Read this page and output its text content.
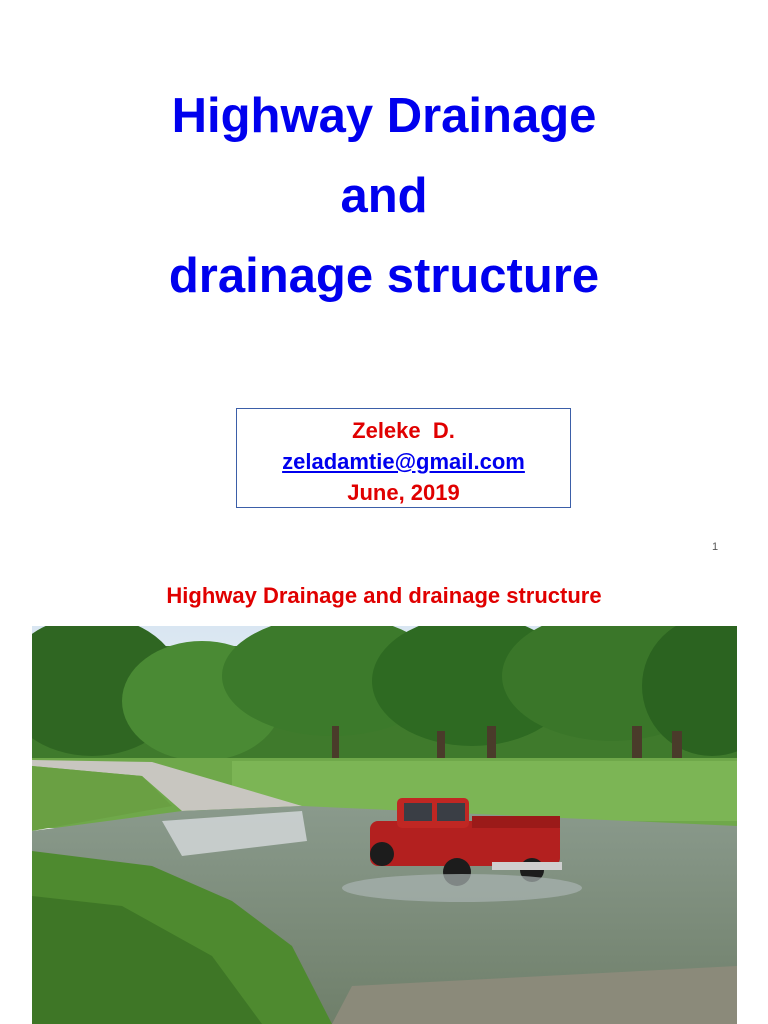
Highway Drainage
and
drainage structure
Zeleke  D.
zeladamtie@gmail.com
June, 2019
1
Highway Drainage and drainage structure
